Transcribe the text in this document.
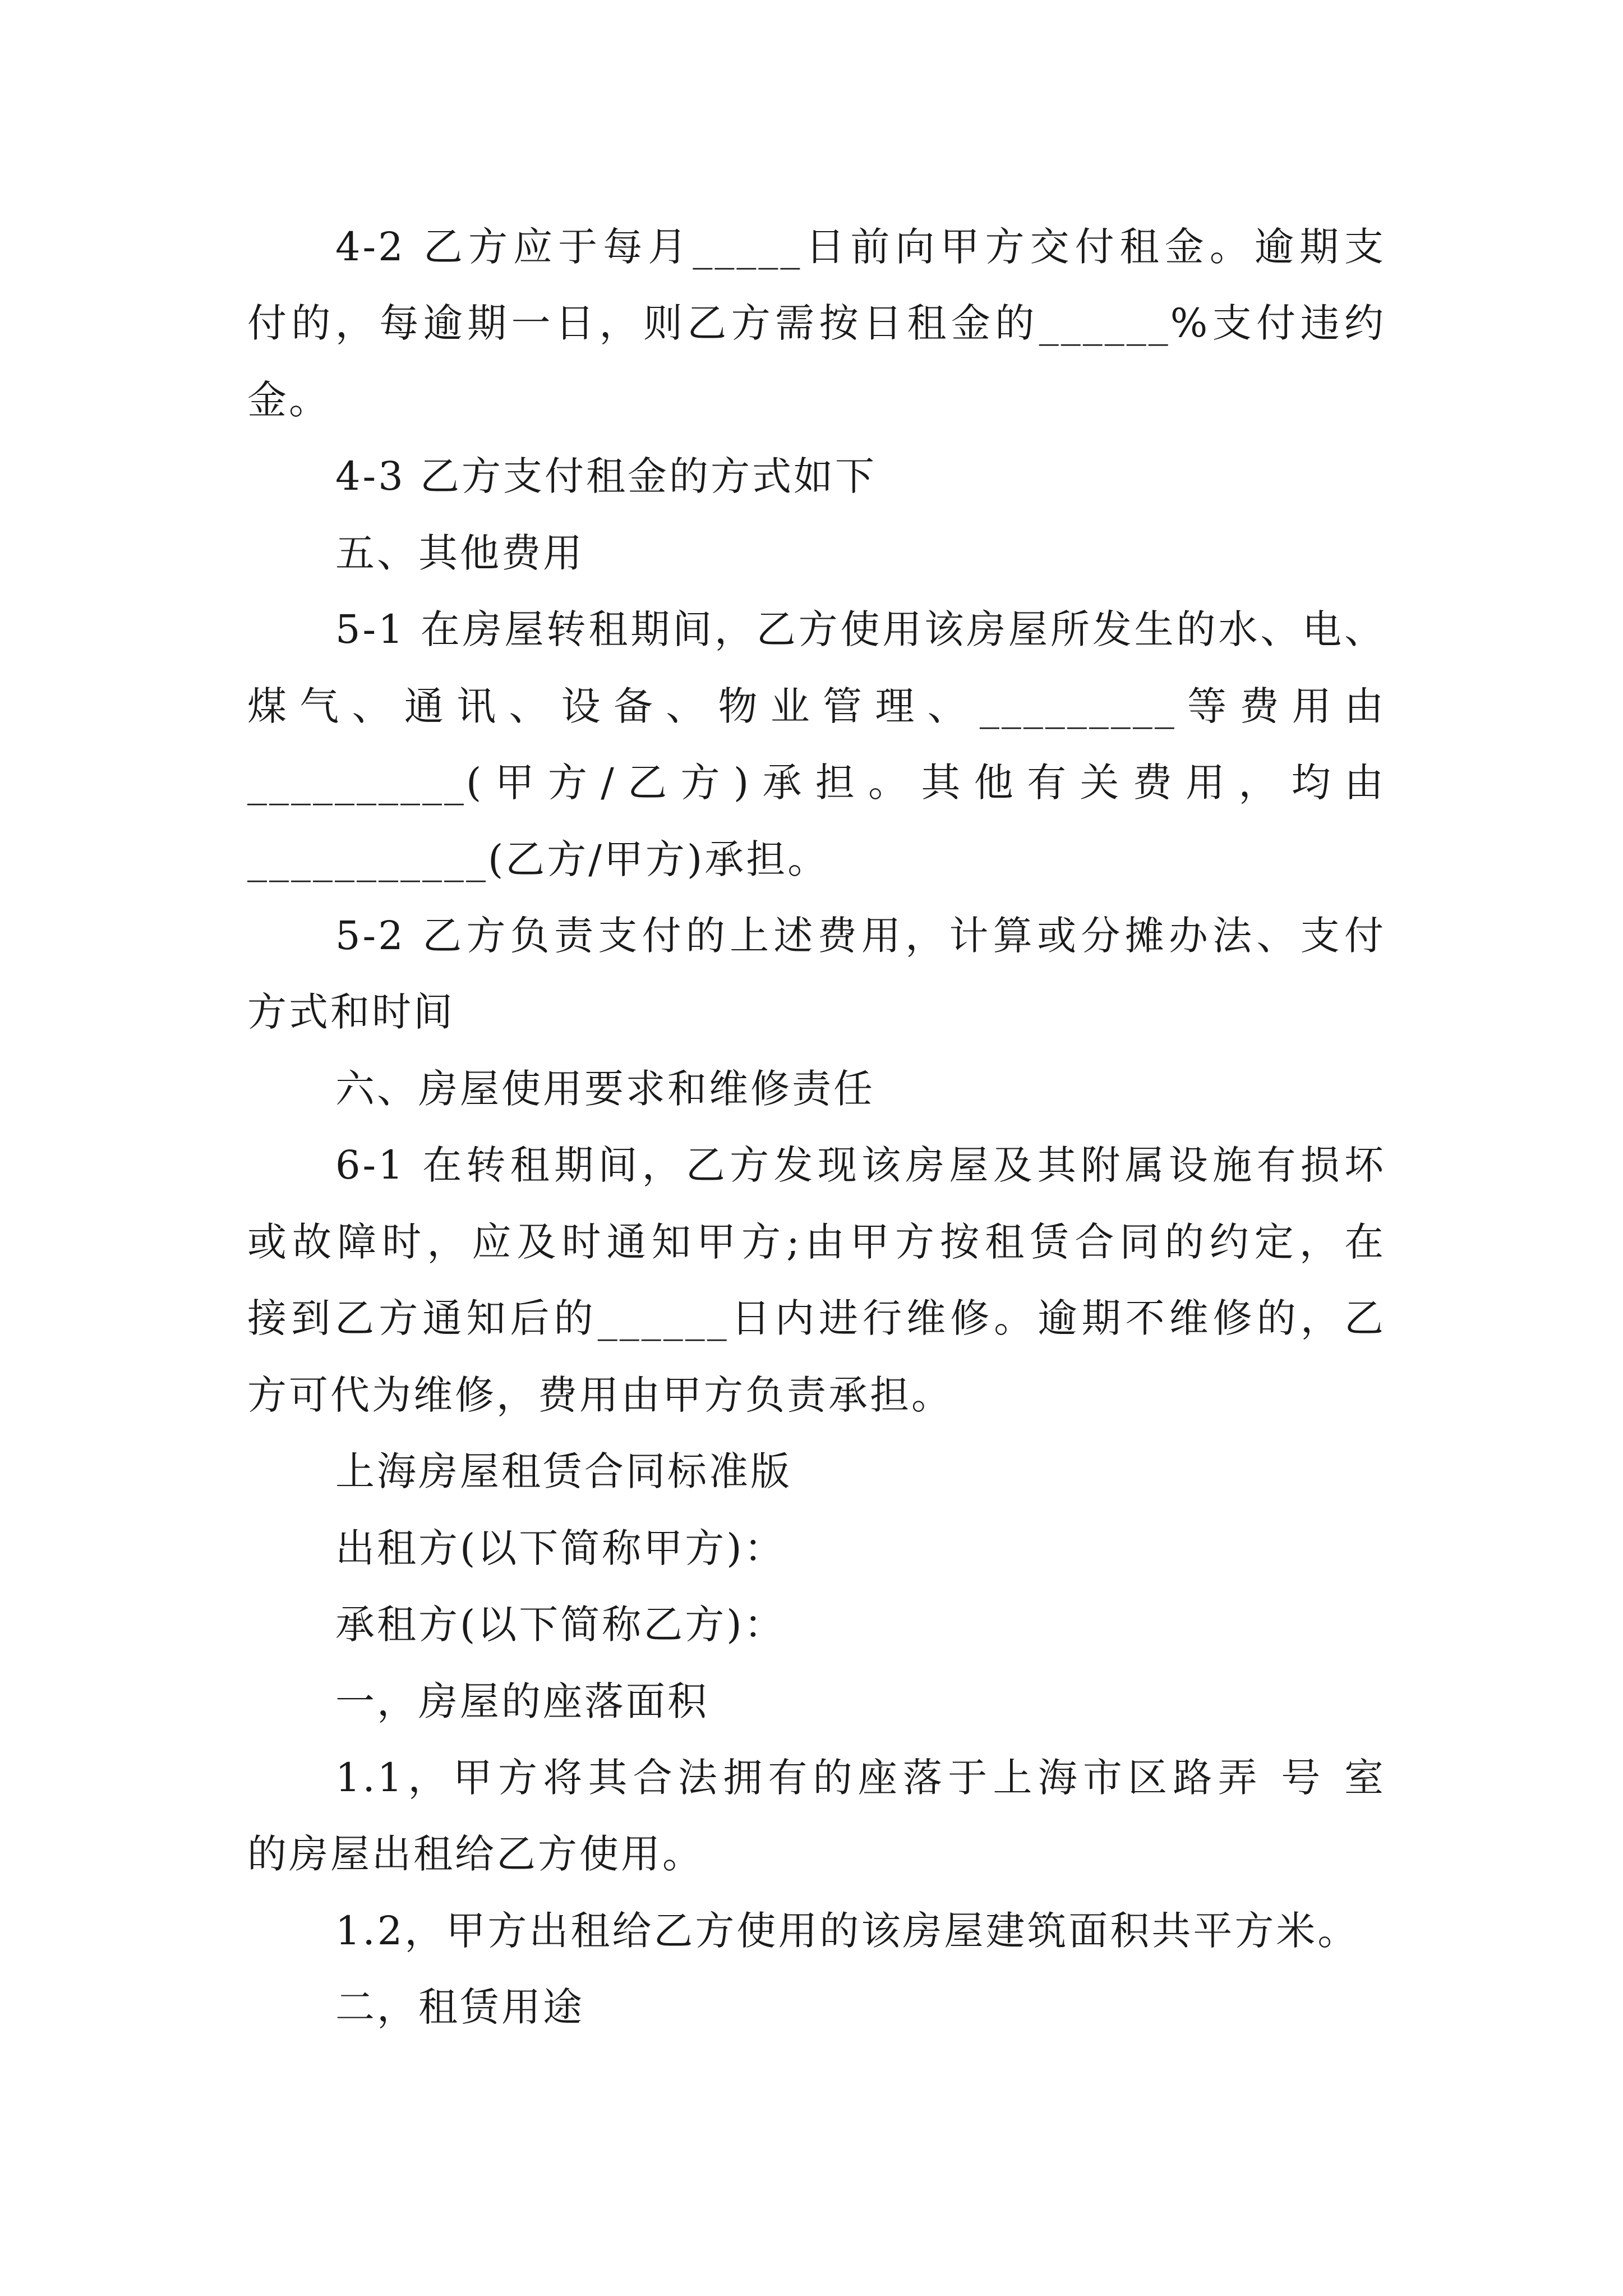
4-2 乙方应于每月_____日前向甲方交付租金。逾期支
付的，每逾期一日，则乙方需按日租金的______%支付违约
金。
4-3 乙方支付租金的方式如下
五、其他费用
5-1 在房屋转租期间，乙方使用该房屋所发生的水、电、
煤气、通讯、设备、物业管理、_________等费用由
__________(甲方/乙方)承担。其他有关费用，均由
___________(乙方/甲方)承担。
5-2 乙方负责支付的上述费用，计算或分摊办法、支付
方式和时间
六、房屋使用要求和维修责任
6-1 在转租期间，乙方发现该房屋及其附属设施有损坏
或故障时，应及时通知甲方;由甲方按租赁合同的约定，在
接到乙方通知后的______日内进行维修。逾期不维修的，乙
方可代为维修，费用由甲方负责承担。
上海房屋租赁合同标准版
出租方(以下简称甲方)：
承租方(以下简称乙方)：
一，房屋的座落面积
1.1，甲方将其合法拥有的座落于上海市区路弄 号 室
的房屋出租给乙方使用。
1.2，甲方出租给乙方使用的该房屋建筑面积共平方米。
二，租赁用途
